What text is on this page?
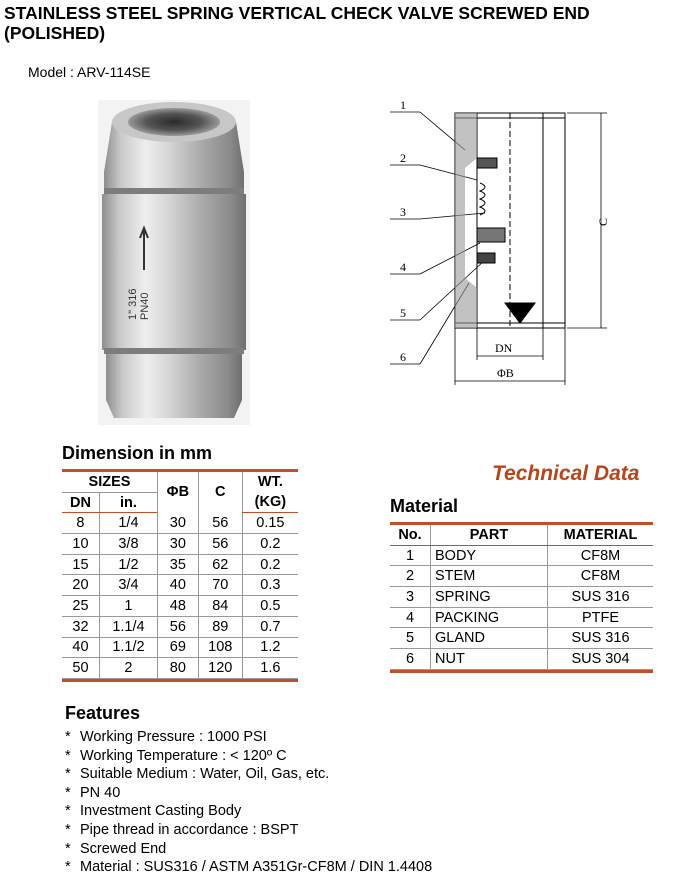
STAINLESS STEEL SPRING VERTICAL CHECK VALVE SCREWED END (POLISHED)
Model : ARV-114SE
1" 316 PN40
1
2
3
4
5
6
C
DN
ΦB
Dimension in mm

SIZES		ΦB	C	WT.
DN	in.			(KG)
8	1/4	30	56	0.15
10	3/8	30	56	0.2
15	1/2	35	62	0.2
20	3/4	40	70	0.3
25	1	48	84	0.5
32	1.1/4	56	89	0.7
40	1.1/2	69	108	1.2
50	2	80	120	1.6

Technical Data
Material

No.	PART	MATERIAL
1	BODY	CF8M
2	STEM	CF8M
3	SPRING	SUS 316
4	PACKING	PTFE
5	GLAND	SUS 316
6	NUT	SUS 304

Features
* Working Pressure : 1000 PSI
* Working Temperature : < 120º C
* Suitable Medium : Water, Oil, Gas, etc.
* PN 40
* Investment Casting Body
* Pipe thread in accordance : BSPT
* Screwed End
* Material : SUS316 / ASTM A351Gr-CF8M / DIN 1.4408
